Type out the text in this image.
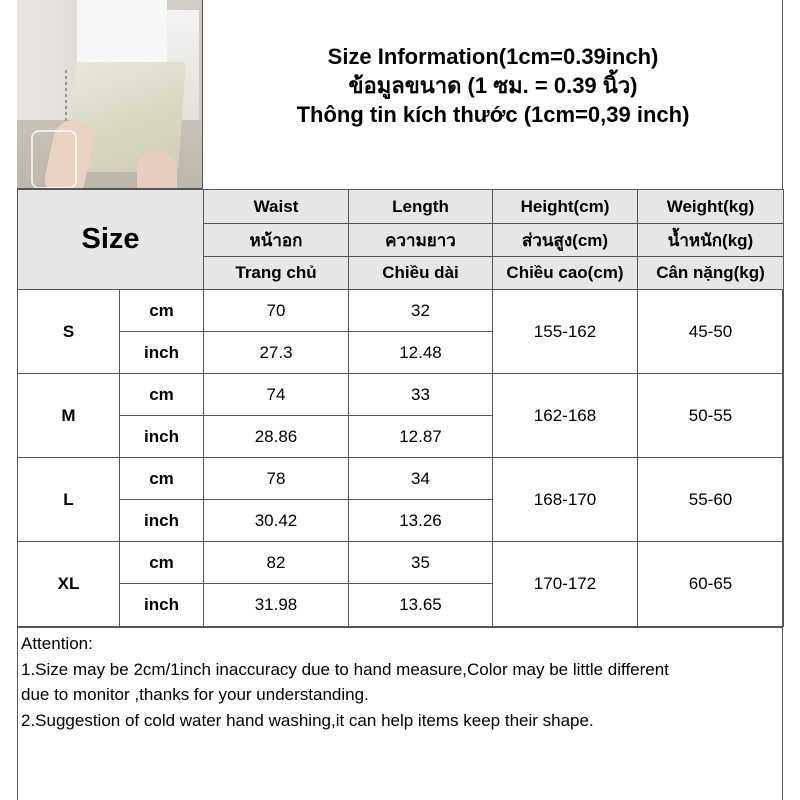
Size Information(1cm=0.39inch)
ข้อมูลขนาด (1 ซม. = 0.39 นิ้ว)
Thông tin kích thước (1cm=0,39 inch)
Size		Waist	Length	Height(cm)	Weight(kg)
		หน้าอก	ความยาว	ส่วนสูง(cm)	น้ำหนัก(kg)
		Trang chủ	Chiều dài	Chiều cao(cm)	Cân nặng(kg)
S	cm	70	32	155-162	45-50
	inch	27.3	12.48		
M	cm	74	33	162-168	50-55
	inch	28.86	12.87		
L	cm	78	34	168-170	55-60
	inch	30.42	13.26		
XL	cm	82	35	170-172	60-65
	inch	31.98	13.65		
Attention:
1.Size may be 2cm/1inch inaccuracy due to hand measure,Color may be little different
due to monitor ,thanks for your understanding.
2.Suggestion of cold water hand washing,it can help items keep their shape.
